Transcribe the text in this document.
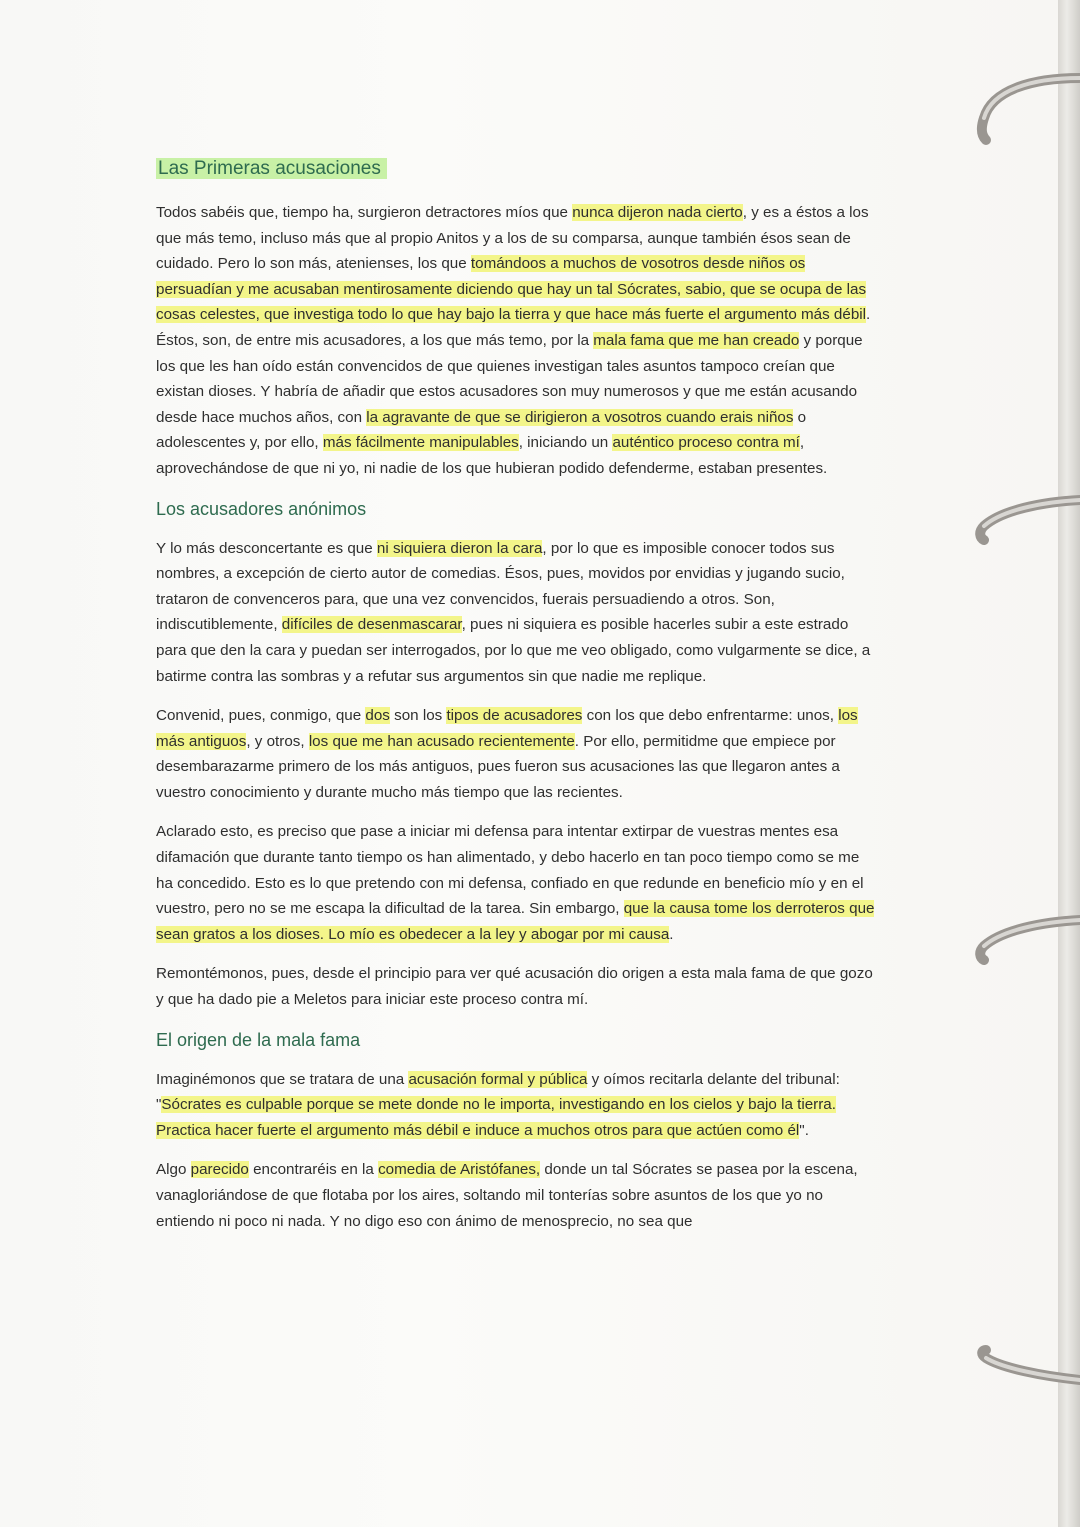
Las Primeras acusaciones

Todos sabéis que, tiempo ha, surgieron detractores míos que nunca dijeron nada cierto, y es a éstos a los que más temo, incluso más que al propio Anitos y a los de su comparsa, aunque también ésos sean de cuidado. Pero lo son más, atenienses, los que tomándoos a muchos de vosotros desde niños os persuadían y me acusaban mentirosamente diciendo que hay un tal Sócrates, sabio, que se ocupa de las cosas celestes, que investiga todo lo que hay bajo la tierra y que hace más fuerte el argumento más débil. Éstos, son, de entre mis acusadores, a los que más temo, por la mala fama que me han creado y porque los que les han oído están convencidos de que quienes investigan tales asuntos tampoco creían que existan dioses. Y habría de añadir que estos acusadores son muy numerosos y que me están acusando desde hace muchos años, con la agravante de que se dirigieron a vosotros cuando erais niños o adolescentes y, por ello, más fácilmente manipulables, iniciando un auténtico proceso contra mí, aprovechándose de que ni yo, ni nadie de los que hubieran podido defenderme, estaban presentes.

Los acusadores anónimos

Y lo más desconcertante es que ni siquiera dieron la cara, por lo que es imposible conocer todos sus nombres, a excepción de cierto autor de comedias. Ésos, pues, movidos por envidias y jugando sucio, trataron de convenceros para, que una vez convencidos, fuerais persuadiendo a otros. Son, indiscutiblemente, difíciles de desenmascarar, pues ni siquiera es posible hacerles subir a este estrado para que den la cara y puedan ser interrogados, por lo que me veo obligado, como vulgarmente se dice, a batirme contra las sombras y a refutar sus argumentos sin que nadie me replique.

Convenid, pues, conmigo, que dos son los tipos de acusadores con los que debo enfrentarme: unos, los más antiguos, y otros, los que me han acusado recientemente. Por ello, permitidme que empiece por desembarazarme primero de los más antiguos, pues fueron sus acusaciones las que llegaron antes a vuestro conocimiento y durante mucho más tiempo que las recientes.

Aclarado esto, es preciso que pase a iniciar mi defensa para intentar extirpar de vuestras mentes esa difamación que durante tanto tiempo os han alimentado, y debo hacerlo en tan poco tiempo como se me ha concedido. Esto es lo que pretendo con mi defensa, confiado en que redunde en beneficio mío y en el vuestro, pero no se me escapa la dificultad de la tarea. Sin embargo, que la causa tome los derroteros que sean gratos a los dioses. Lo mío es obedecer a la ley y abogar por mi causa.

Remontémonos, pues, desde el principio para ver qué acusación dio origen a esta mala fama de que gozo y que ha dado pie a Meletos para iniciar este proceso contra mí.

El origen de la mala fama

Imaginémonos que se tratara de una acusación formal y pública y oímos recitarla delante del tribunal: "Sócrates es culpable porque se mete donde no le importa, investigando en los cielos y bajo la tierra. Practica hacer fuerte el argumento más débil e induce a muchos otros para que actúen como él".

Algo parecido encontraréis en la comedia de Aristófanes, donde un tal Sócrates se pasea por la escena, vanagloriándose de que flotaba por los aires, soltando mil tonterías sobre asuntos de los que yo no entiendo ni poco ni nada. Y no digo eso con ánimo de menosprecio, no sea que
